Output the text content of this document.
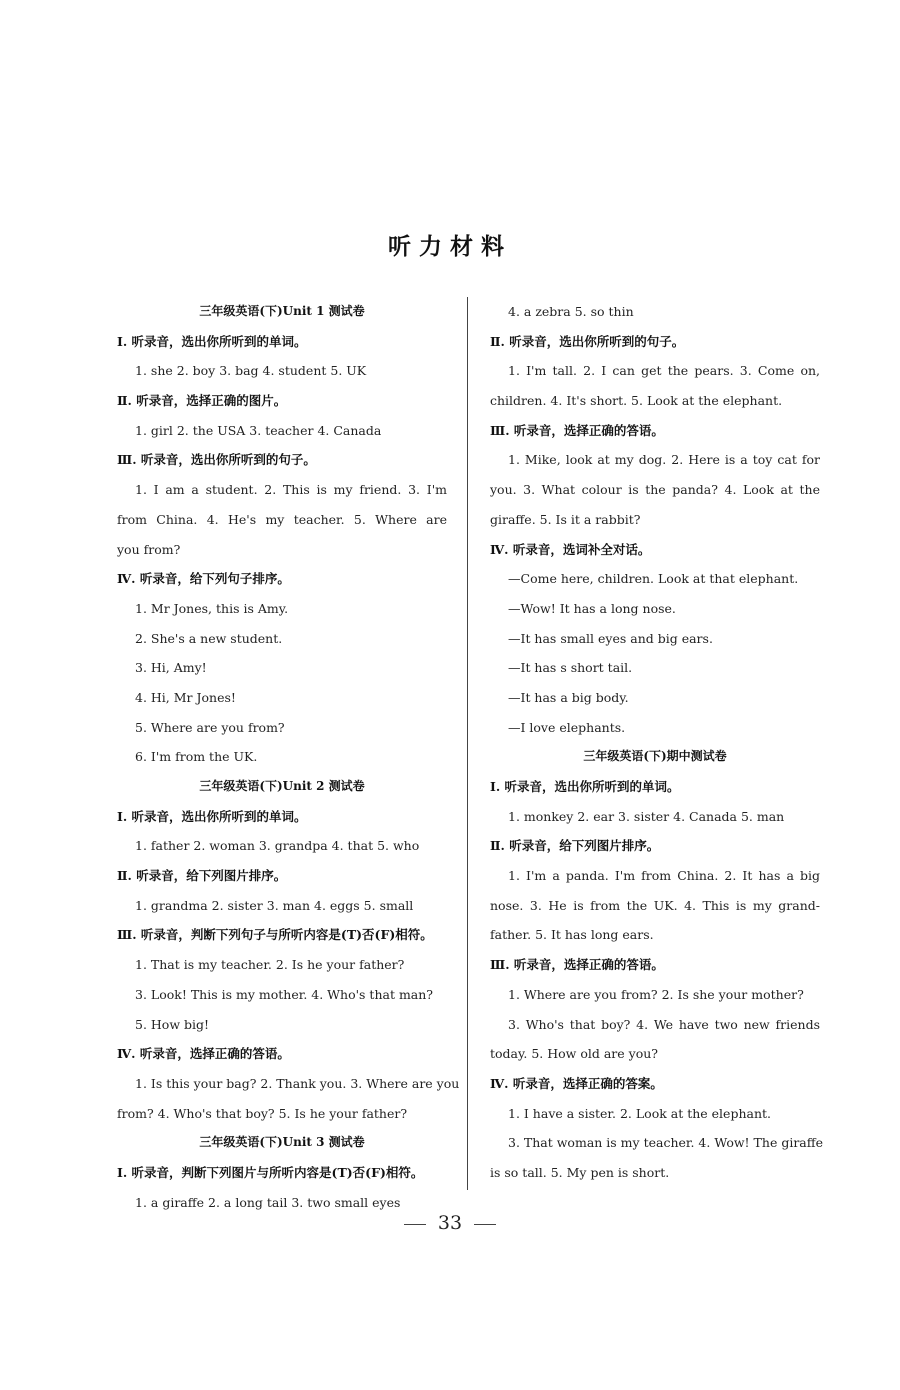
听力材料
三年级英语(下)Unit 1 测试卷
Ⅰ. 听录音，选出你所听到的单词。
1. she 2. boy 3. bag 4. student 5. UK
Ⅱ. 听录音，选择正确的图片。
1. girl 2. the USA 3. teacher 4. Canada
Ⅲ. 听录音，选出你所听到的句子。
1. I am a student. 2. This is my friend. 3. I'm
from China. 4. He's my teacher. 5. Where are
you from?
Ⅳ. 听录音，给下列句子排序。
1. Mr Jones, this is Amy.
2. She's a new student.
3. Hi, Amy!
4. Hi, Mr Jones!
5. Where are you from?
6. I'm from the UK.
三年级英语(下)Unit 2 测试卷
Ⅰ. 听录音，选出你所听到的单词。
1. father 2. woman 3. grandpa 4. that 5. who
Ⅱ. 听录音，给下列图片排序。
1. grandma 2. sister 3. man 4. eggs 5. small
Ⅲ. 听录音，判断下列句子与所听内容是(T)否(F)相符。
1. That is my teacher. 2. Is he your father?
3. Look! This is my mother. 4. Who's that man?
5. How big!
Ⅳ. 听录音，选择正确的答语。
1. Is this your bag? 2. Thank you. 3. Where are you
from? 4. Who's that boy? 5. Is he your father?
三年级英语(下)Unit 3 测试卷
Ⅰ. 听录音，判断下列图片与所听内容是(T)否(F)相符。
1. a giraffe 2. a long tail 3. two small eyes
4. a zebra 5. so thin
Ⅱ. 听录音，选出你所听到的句子。
1. I'm tall. 2. I can get the pears. 3. Come on,
children. 4. It's short. 5. Look at the elephant.
Ⅲ. 听录音，选择正确的答语。
1. Mike, look at my dog. 2. Here is a toy cat for
you. 3. What colour is the panda? 4. Look at the
giraffe. 5. Is it a rabbit?
Ⅳ. 听录音，选词补全对话。
—Come here, children. Look at that elephant.
—Wow! It has a long nose.
—It has small eyes and big ears.
—It has s short tail.
—It has a big body.
—I love elephants.
三年级英语(下)期中测试卷
Ⅰ. 听录音，选出你所听到的单词。
1. monkey 2. ear 3. sister 4. Canada 5. man
Ⅱ. 听录音，给下列图片排序。
1. I'm a panda. I'm from China. 2. It has a big
nose. 3. He is from the UK. 4. This is my grand-
father. 5. It has long ears.
Ⅲ. 听录音，选择正确的答语。
1. Where are you from? 2. Is she your mother?
3. Who's that boy? 4. We have two new friends
today. 5. How old are you?
Ⅳ. 听录音，选择正确的答案。
1. I have a sister. 2. Look at the elephant.
3. That woman is my teacher. 4. Wow! The giraffe
is so tall. 5. My pen is short.
33
